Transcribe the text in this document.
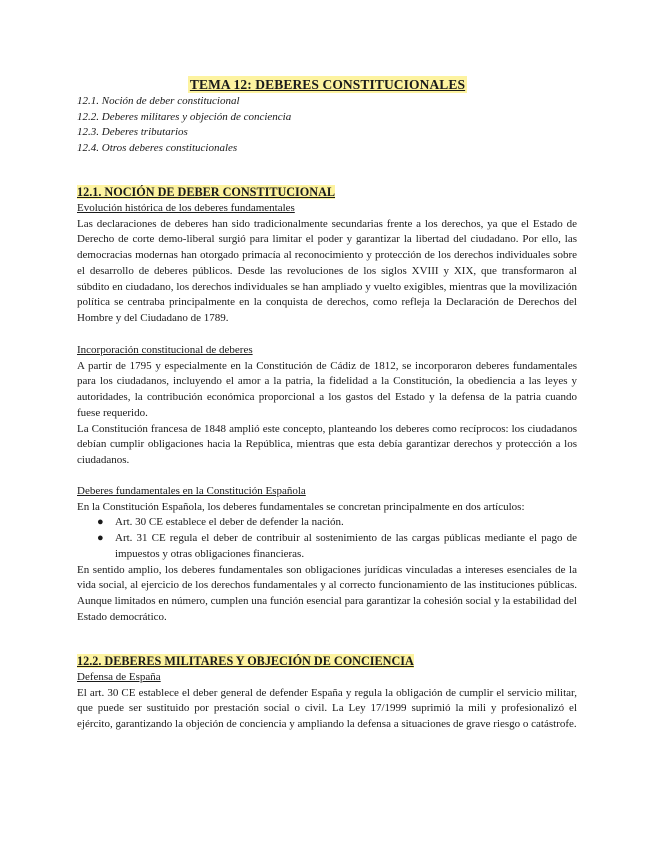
TEMA 12: DEBERES CONSTITUCIONALES
12.1. Noción de deber constitucional
12.2. Deberes militares y objeción de conciencia
12.3. Deberes tributarios
12.4. Otros deberes constitucionales
12.1. NOCIÓN DE DEBER CONSTITUCIONAL
Evolución histórica de los deberes fundamentales

Las declaraciones de deberes han sido tradicionalmente secundarias frente a los derechos, ya que el Estado de Derecho de corte demo-liberal surgió para limitar el poder y garantizar la libertad del ciudadano. Por ello, las democracias modernas han otorgado primacía al reconocimiento y protección de los derechos individuales sobre el desarrollo de deberes públicos. Desde las revoluciones de los siglos XVIII y XIX, que transformaron al súbdito en ciudadano, los derechos individuales se han ampliado y vuelto exigibles, mientras que la movilización política se centraba principalmente en la conquista de derechos, como refleja la Declaración de Derechos del Hombre y del Ciudadano de 1789.

Incorporación constitucional de deberes

A partir de 1795 y especialmente en la Constitución de Cádiz de 1812, se incorporaron deberes fundamentales para los ciudadanos, incluyendo el amor a la patria, la fidelidad a la Constitución, la obediencia a las leyes y autoridades, la contribución económica proporcional a los gastos del Estado y la defensa de la patria cuando fuese requerido.

La Constitución francesa de 1848 amplió este concepto, planteando los deberes como recíprocos: los ciudadanos debían cumplir obligaciones hacia la República, mientras que esta debía garantizar derechos y protección a los ciudadanos.

Deberes fundamentales en la Constitución Española

En la Constitución Española, los deberes fundamentales se concretan principalmente en dos artículos:

● Art. 30 CE establece el deber de defender la nación.
● Art. 31 CE regula el deber de contribuir al sostenimiento de las cargas públicas mediante el pago de impuestos y otras obligaciones financieras.

En sentido amplio, los deberes fundamentales son obligaciones jurídicas vinculadas a intereses esenciales de la vida social, al ejercicio de los derechos fundamentales y al correcto funcionamiento de las instituciones públicas. Aunque limitados en número, cumplen una función esencial para garantizar la cohesión social y la estabilidad del Estado democrático.

12.2. DEBERES MILITARES Y OBJECIÓN DE CONCIENCIA
Defensa de España

El art. 30 CE establece el deber general de defender España y regula la obligación de cumplir el servicio militar, que puede ser sustituido por prestación social o civil. La Ley 17/1999 suprimió la mili y profesionalizó el ejército, garantizando la objeción de conciencia y ampliando la defensa a situaciones de grave riesgo o catástrofe.
